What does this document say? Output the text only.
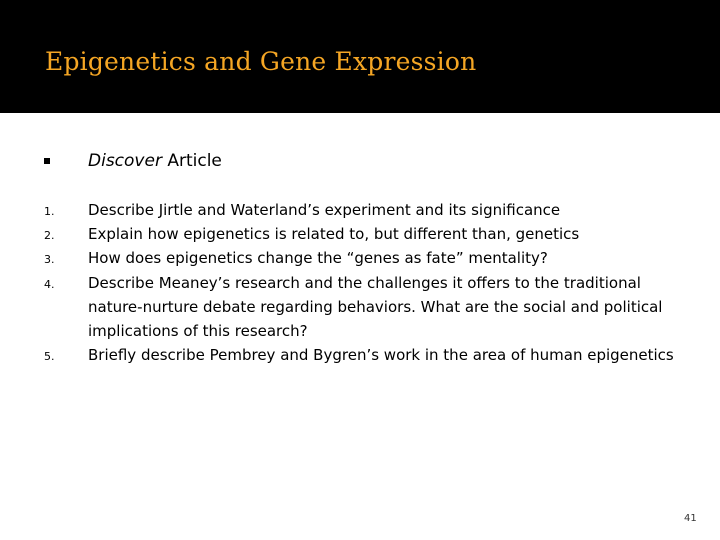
Epigenetics and Gene Expression
Discover Article
1. Describe Jirtle and Waterland’s experiment and its significance
2. Explain how epigenetics is related to, but different than, genetics
3. How does epigenetics change the “genes as fate” mentality?
4. Describe Meaney’s research and the challenges it offers to the traditional nature-nurture debate regarding behaviors. What are the social and political implications of this research?
5. Briefly describe Pembrey and Bygren’s work in the area of human epigenetics
41
